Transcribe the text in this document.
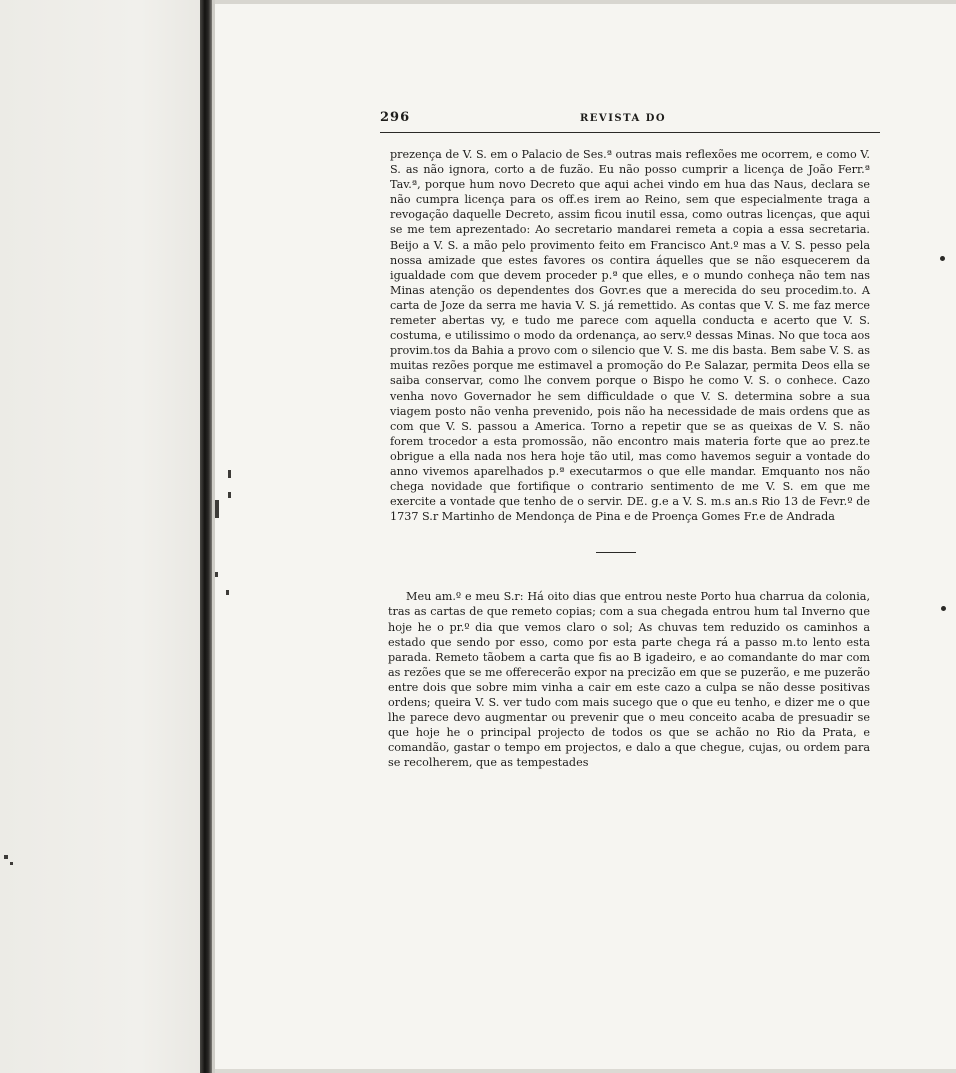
296	REVISTA DO

prezença de V. S. em o Palacio de Ses.ª outras mais reflexões me ocorrem, e como V. S. as não ignora, corto a de fuzão. Eu não posso cumprir a licença de João Ferr.ª Tav.ª, porque hum novo Decreto que aqui achei vindo em hua das Naus, declara se não cumpra licença para os off.es irem ao Reino, sem que especialmente traga a revogação daquelle Decreto, assim ficou inutil essa, como outras licenças, que aqui se me tem aprezentado: Ao secretario mandarei remeta a copia a essa secretaria. Beijo a V. S. a mão pelo provimento feito em Francisco Ant.º mas a V. S. pesso pela nossa amizade que estes favores os contira áquelles que se não esquecerem da igualdade com que devem proceder p.ª que elles, e o mundo conheça não tem nas Minas atenção os dependentes dos Govr.es que a merecida do seu procedim.to. A carta de Joze da serra me havia V. S. já remettido. As contas que V. S. me faz merce remeter abertas vy, e tudo me parece com aquella conducta e acerto que V. S. costuma, e utilissimo o modo da ordenança, ao serv.º dessas Minas. No que toca aos provim.tos da Bahia a provo com o silencio que V. S. me dis basta. Bem sabe V. S. as muitas rezões porque me estimavel a promoção do P.e Salazar, permita Deos ella se saiba conservar, como lhe convem porque o Bispo he como V. S. o conhece. Cazo venha novo Governador he sem difficuldade o que V. S. determina sobre a sua viagem posto não venha prevenido, pois não ha necessidade de mais ordens que as com que V. S. passou a America. Torno a repetir que se as queixas de V. S. não forem trocedor a esta promossão, não encontro mais materia forte que ao prez.te obrigue a ella nada nos hera hoje tão util, mas como havemos seguir a vontade do anno vivemos aparelhados p.ª executarmos o que elle mandar. Emquanto nos não chega novidade que fortifique o contrario sentimento de me V. S. em que me exercite a vontade que tenho de o servir. DE. g.e a V. S. m.s an.s Rio 13 de Fevr.º de 1737 S.r Martinho de Mendonça de Pina e de Proença Gomes Fr.e de Andrada

Meu am.º e meu S.r: Há oito dias que entrou neste Porto hua charrua da colonia, tras as cartas de que remeto copias; com a sua chegada entrou hum tal Inverno que hoje he o pr.º dia que vemos claro o sol; As chuvas tem reduzido os caminhos a estado que sendo por esso, como por esta parte chega rá a passo m.to lento esta parada. Remeto tãobem a carta que fis ao B igadeiro, e ao comandante do mar com as rezões que se me offerecerão expor na precizão em que se puzerão, e me puzerão entre dois que sobre mim vinha a cair em este cazo a culpa se não desse positivas ordens; queira V. S. ver tudo com mais sucego que o que eu tenho, e dizer me o que lhe parece devo augmentar ou prevenir que o meu conceito acaba de presuadir se que hoje he o principal projecto de todos os que se achão no Rio da Prata, e comandão, gastar o tempo em projectos, e dalo a que chegue, cujas, ou ordem para se recolherem, que as tempestades
